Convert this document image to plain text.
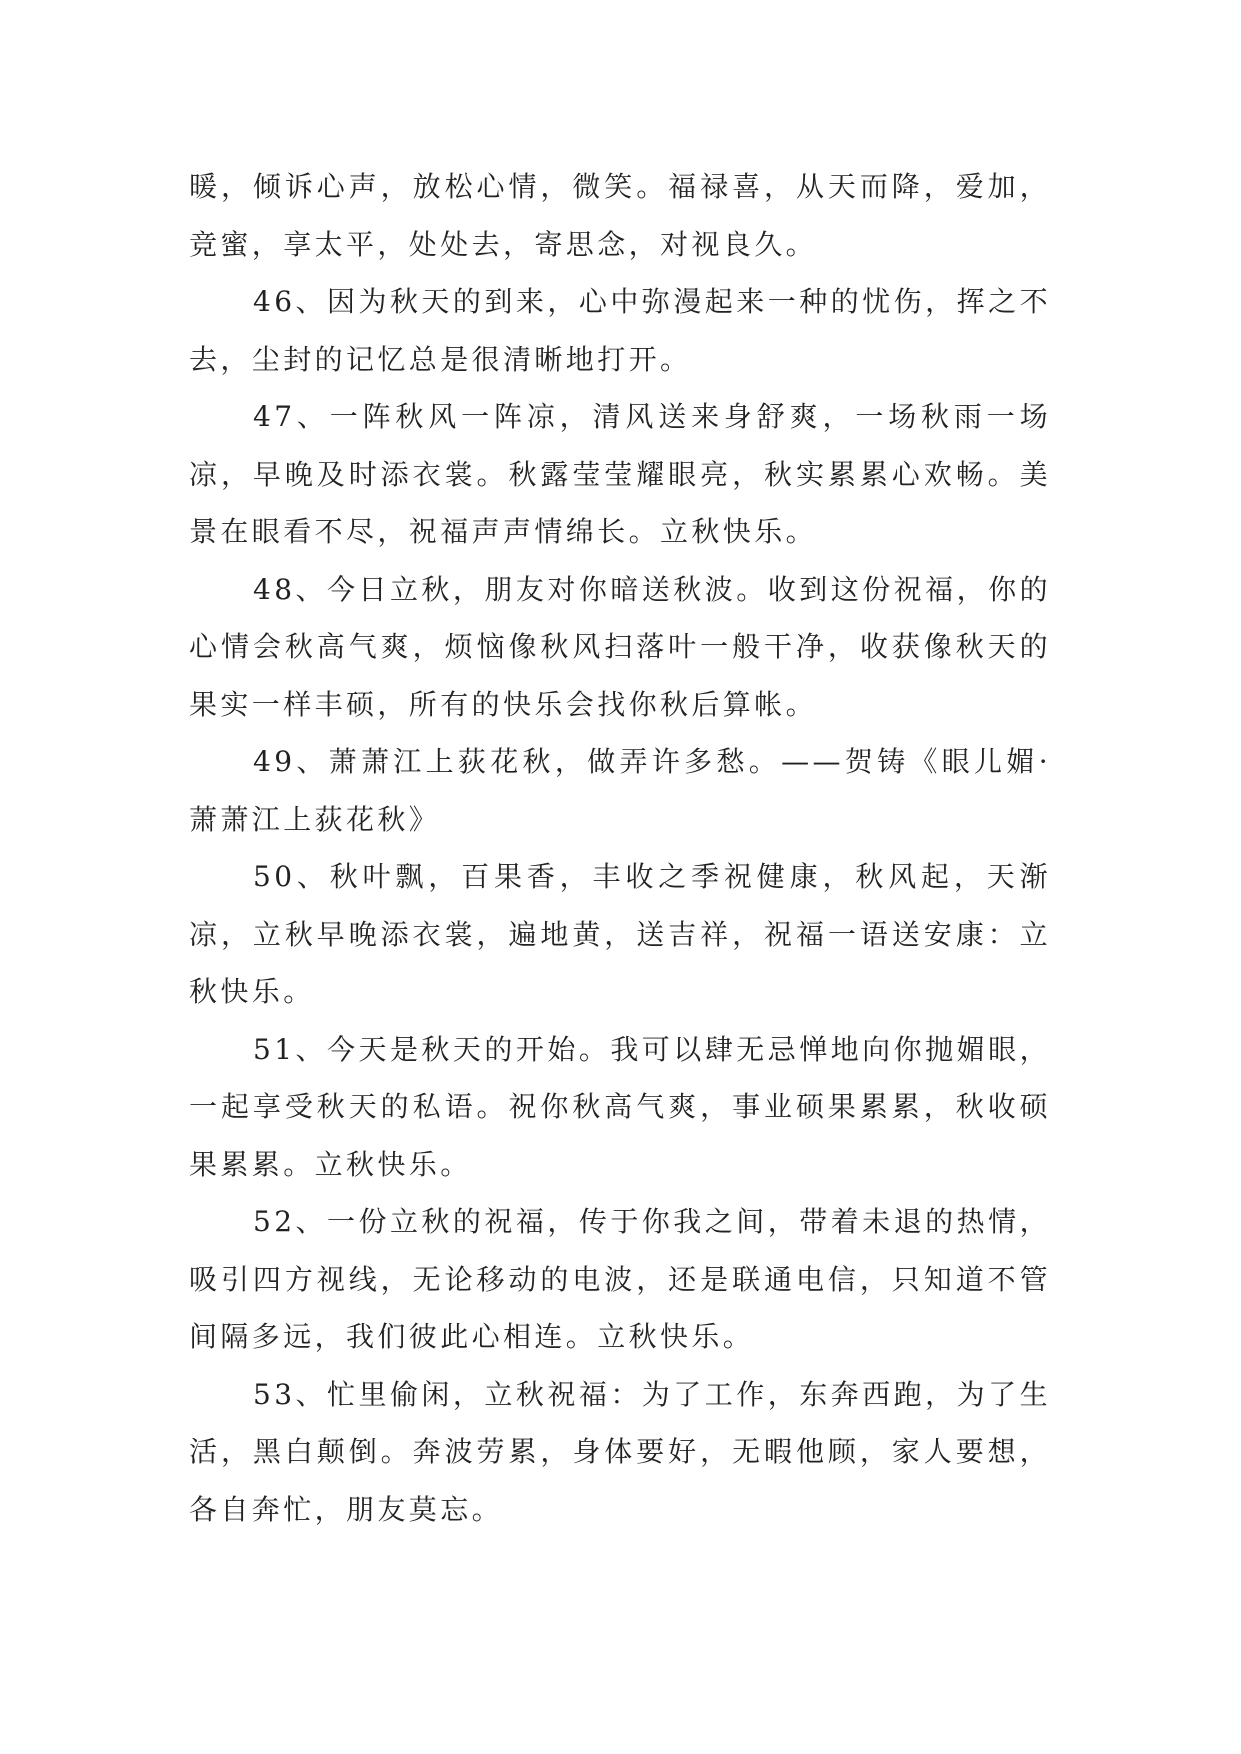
暖，倾诉心声，放松心情，微笑。福禄喜，从天而降，爱加，竞蜜，享太平，处处去，寄思念，对视良久。

46、因为秋天的到来，心中弥漫起来一种的忧伤，挥之不去，尘封的记忆总是很清晰地打开。

47、一阵秋风一阵凉，清风送来身舒爽，一场秋雨一场凉，早晚及时添衣裳。秋露莹莹耀眼亮，秋实累累心欢畅。美景在眼看不尽，祝福声声情绵长。立秋快乐。

48、今日立秋，朋友对你暗送秋波。收到这份祝福，你的心情会秋高气爽，烦恼像秋风扫落叶一般干净，收获像秋天的果实一样丰硕，所有的快乐会找你秋后算帐。

49、萧萧江上荻花秋，做弄许多愁。——贺铸《眼儿媚·萧萧江上荻花秋》

50、秋叶飘，百果香，丰收之季祝健康，秋风起，天渐凉，立秋早晚添衣裳，遍地黄，送吉祥，祝福一语送安康：立秋快乐。

51、今天是秋天的开始。我可以肆无忌惮地向你抛媚眼，一起享受秋天的私语。祝你秋高气爽，事业硕果累累，秋收硕果累累。立秋快乐。

52、一份立秋的祝福，传于你我之间，带着未退的热情，吸引四方视线，无论移动的电波，还是联通电信，只知道不管间隔多远，我们彼此心相连。立秋快乐。

53、忙里偷闲，立秋祝福：为了工作，东奔西跑，为了生活，黑白颠倒。奔波劳累，身体要好，无暇他顾，家人要想，各自奔忙，朋友莫忘。
